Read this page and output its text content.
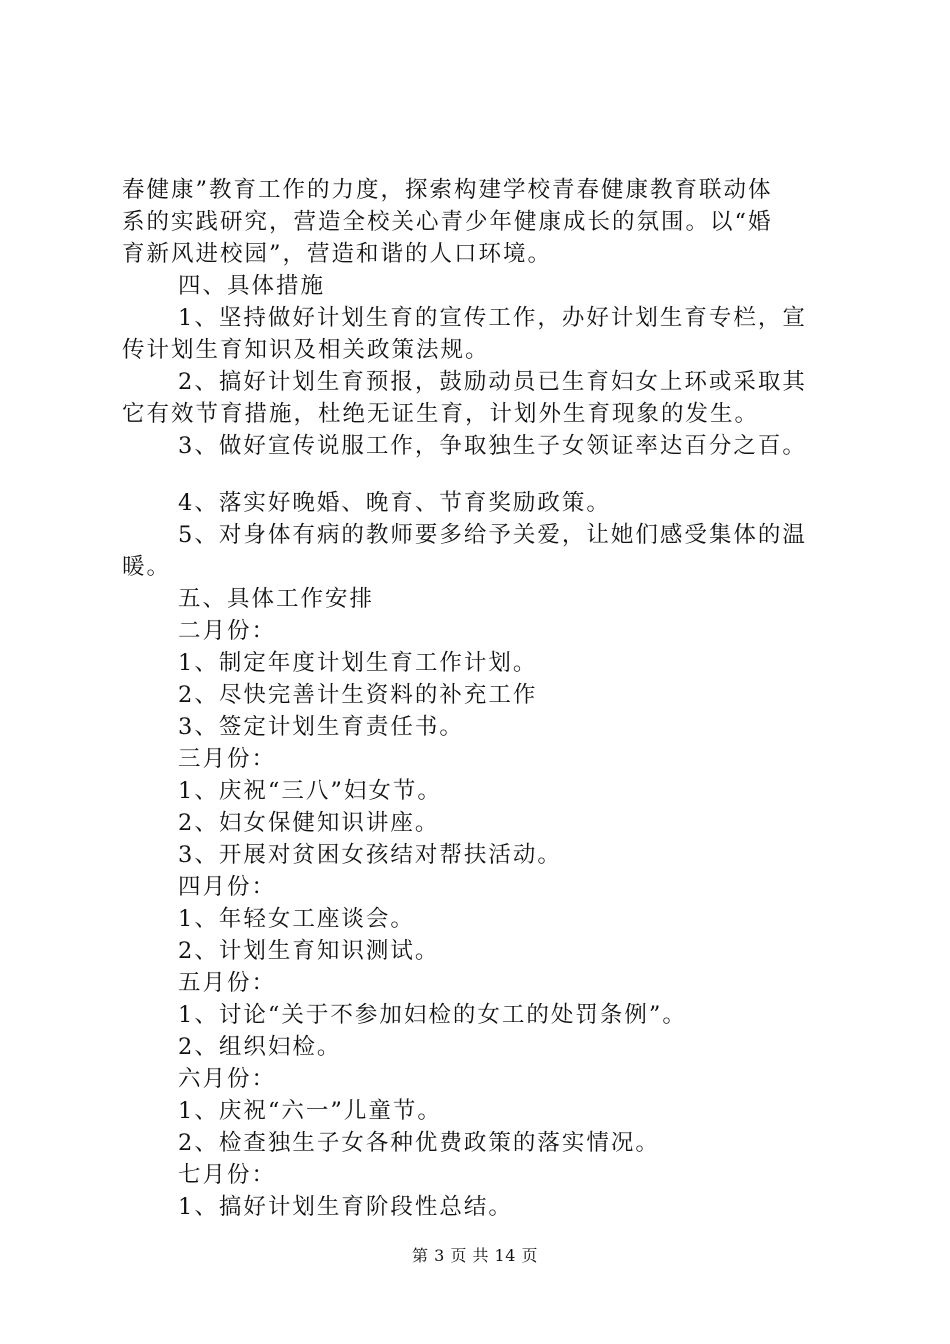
春健康”教育工作的力度，探索构建学校青春健康教育联动体

系的实践研究，营造全校关心青少年健康成长的氛围。以“婚

育新风进校园”，营造和谐的人口环境。

四、具体措施

1、坚持做好计划生育的宣传工作，办好计划生育专栏，宣

传计划生育知识及相关政策法规。

2、搞好计划生育预报，鼓励动员已生育妇女上环或采取其

它有效节育措施，杜绝无证生育，计划外生育现象的发生。

3、做好宣传说服工作，争取独生子女领证率达百分之百。

4、落实好晚婚、晚育、节育奖励政策。

5、对身体有病的教师要多给予关爱，让她们感受集体的温

暖。

五、具体工作安排

二月份：

1、制定年度计划生育工作计划。

2、尽快完善计生资料的补充工作

3、签定计划生育责任书。

三月份：

1、庆祝“三八”妇女节。

2、妇女保健知识讲座。

3、开展对贫困女孩结对帮扶活动。

四月份：

1、年轻女工座谈会。

2、计划生育知识测试。

五月份：

1、讨论“关于不参加妇检的女工的处罚条例”。

2、组织妇检。

六月份：

1、庆祝“六一”儿童节。

2、检查独生子女各种优费政策的落实情况。

七月份：

1、搞好计划生育阶段性总结。

第 3 页 共 14 页
